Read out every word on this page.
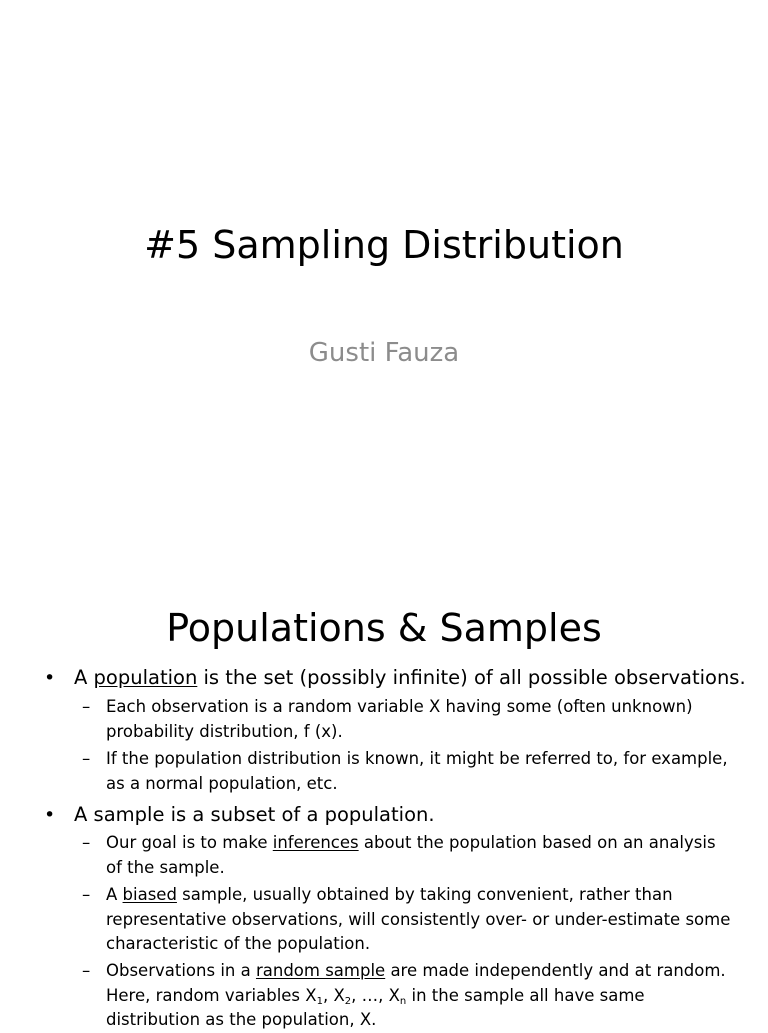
#5 Sampling Distribution
Gusti Fauza
Populations & Samples
• A population is the set (possibly infinite) of all possible observations.
– Each observation is a random variable X having some (often unknown) probability distribution, f (x).
– If the population distribution is known, it might be referred to, for example, as a normal population, etc.
• A sample is a subset of a population.
– Our goal is to make inferences about the population based on an analysis of the sample.
– A biased sample, usually obtained by taking convenient, rather than representative observations, will consistently over- or under-estimate some characteristic of the population.
– Observations in a random sample are made independently and at random. Here, random variables $X_1$, $X_2$, …, $X_n$ in the sample all have same distribution as the population, X.
